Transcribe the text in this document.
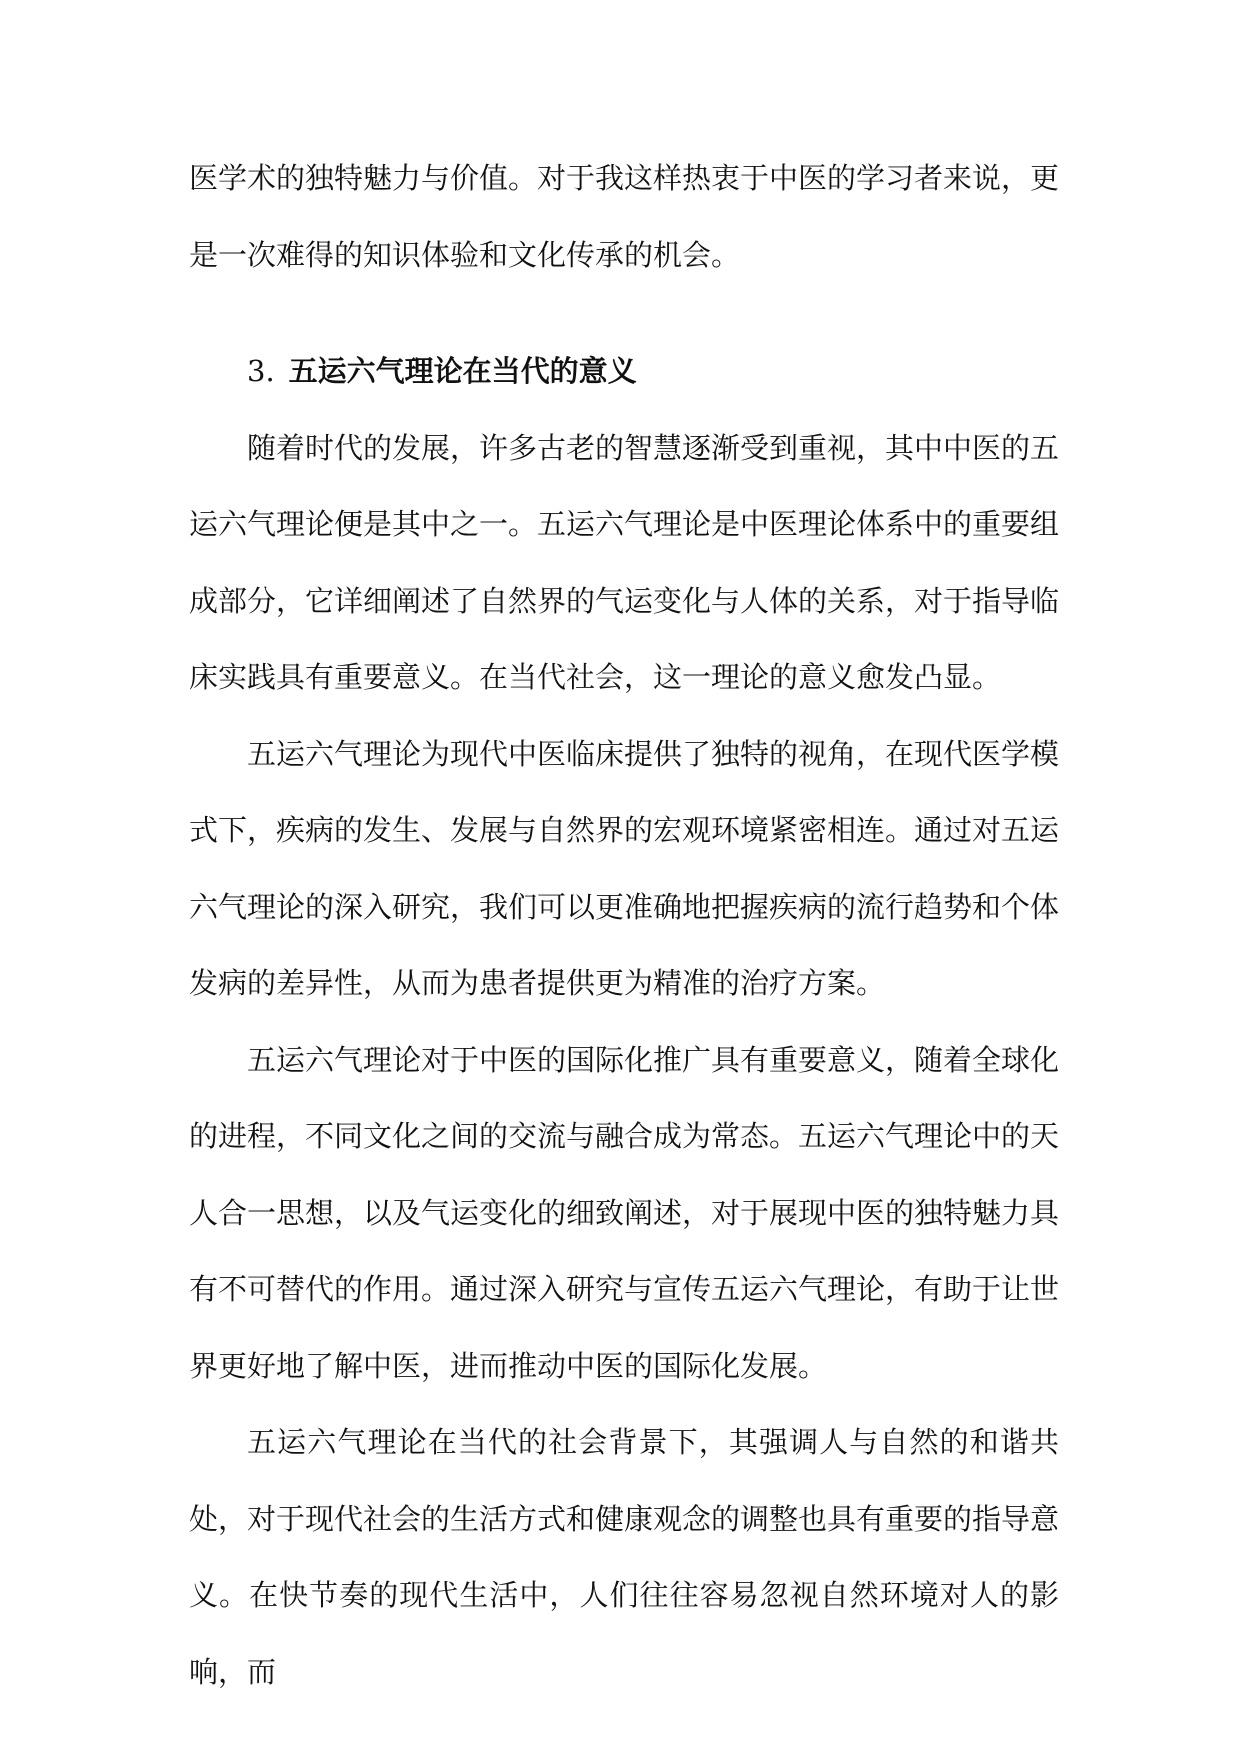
医学术的独特魅力与价值。对于我这样热衷于中医的学习者来说，更是一次难得的知识体验和文化传承的机会。

3. 五运六气理论在当代的意义

随着时代的发展，许多古老的智慧逐渐受到重视，其中中医的五运六气理论便是其中之一。五运六气理论是中医理论体系中的重要组成部分，它详细阐述了自然界的气运变化与人体的关系，对于指导临床实践具有重要意义。在当代社会，这一理论的意义愈发凸显。

五运六气理论为现代中医临床提供了独特的视角，在现代医学模式下，疾病的发生、发展与自然界的宏观环境紧密相连。通过对五运六气理论的深入研究，我们可以更准确地把握疾病的流行趋势和个体发病的差异性，从而为患者提供更为精准的治疗方案。

五运六气理论对于中医的国际化推广具有重要意义，随着全球化的进程，不同文化之间的交流与融合成为常态。五运六气理论中的天人合一思想，以及气运变化的细致阐述，对于展现中医的独特魅力具有不可替代的作用。通过深入研究与宣传五运六气理论，有助于让世界更好地了解中医，进而推动中医的国际化发展。

五运六气理论在当代的社会背景下，其强调人与自然的和谐共处，对于现代社会的生活方式和健康观念的调整也具有重要的指导意义。在快节奏的现代生活中，人们往往容易忽视自然环境对人的影响，而
